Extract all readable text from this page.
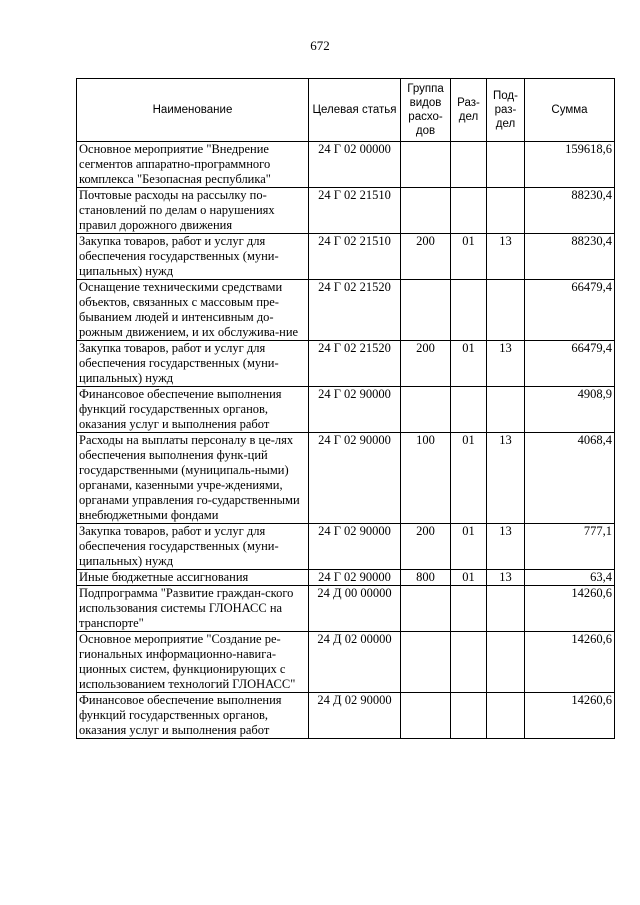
672
Наименование	Целевая статья	Группа видов расхо-дов	Раз-дел	Под-раз-дел	Сумма
Основное мероприятие "Внедрение сегментов аппаратно-программного комплекса "Безопасная республика"	24 Г 02 00000				159618,6
Почтовые расходы на рассылку по-становлений по делам о нарушениях правил дорожного движения	24 Г 02 21510				88230,4
Закупка товаров, работ и услуг для обеспечения государственных (муни-ципальных) нужд	24 Г 02 21510	200	01	13	88230,4
Оснащение техническими средствами объектов, связанных с массовым пре-быванием людей и интенсивным до-рожным движением, и их обслужива-ние	24 Г 02 21520				66479,4
Закупка товаров, работ и услуг для обеспечения государственных (муни-ципальных) нужд	24 Г 02 21520	200	01	13	66479,4
Финансовое обеспечение выполнения функций государственных органов, оказания услуг и выполнения работ	24 Г 02 90000				4908,9
Расходы на выплаты персоналу в це-лях обеспечения выполнения функ-ций государственными (муниципаль-ными) органами, казенными учре-ждениями, органами управления го-сударственными внебюджетными фондами	24 Г 02 90000	100	01	13	4068,4
Закупка товаров, работ и услуг для обеспечения государственных (муни-ципальных) нужд	24 Г 02 90000	200	01	13	777,1
Иные бюджетные ассигнования	24 Г 02 90000	800	01	13	63,4
Подпрограмма "Развитие граждан-ского использования системы ГЛОНАСС на транспорте"	24 Д 00 00000				14260,6
Основное мероприятие "Создание ре-гиональных информационно-навига-ционных систем, функционирующих с использованием технологий ГЛОНАСС"	24 Д 02 00000				14260,6
Финансовое обеспечение выполнения функций государственных органов, оказания услуг и выполнения работ	24 Д 02 90000				14260,6
